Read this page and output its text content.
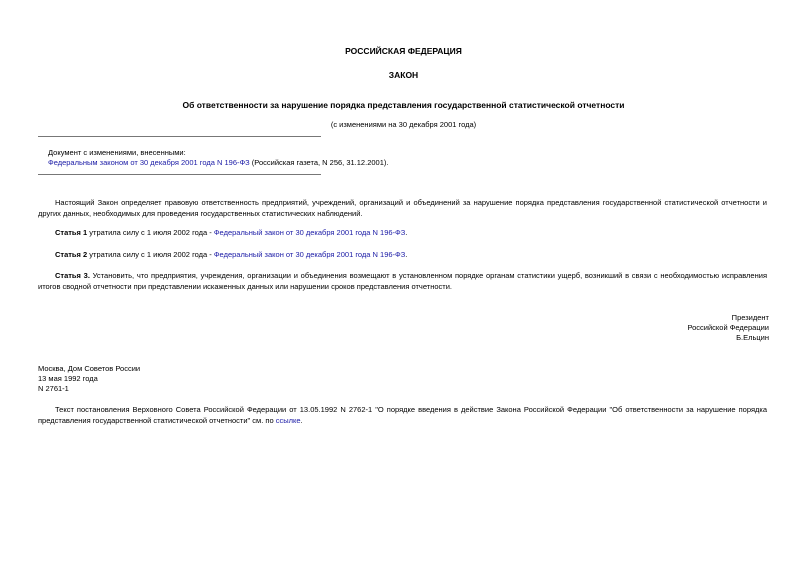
РОССИЙСКАЯ ФЕДЕРАЦИЯ
ЗАКОН
Об ответственности за нарушение порядка представления государственной статистической отчетности
(с изменениями на 30 декабря 2001 года)
Документ с изменениями, внесенными:
Федеральным законом от 30 декабря 2001 года N 196-ФЗ (Российская газета, N 256, 31.12.2001).
Настоящий Закон определяет правовую ответственность предприятий, учреждений, организаций и объединений за нарушение порядка представления государственной статистической отчетности и других данных, необходимых для проведения государственных статистических наблюдений.
Статья 1 утратила силу с 1 июля 2002 года - Федеральный закон от 30 декабря 2001 года N 196-ФЗ.
Статья 2 утратила силу с 1 июля 2002 года - Федеральный закон от 30 декабря 2001 года N 196-ФЗ.
Статья 3. Установить, что предприятия, учреждения, организации и объединения возмещают в установленном порядке органам статистики ущерб, возникший в связи с необходимостью исправления итогов сводной отчетности при представлении искаженных данных или нарушении сроков представления отчетности.
Президент
Российской Федерации
Б.Ельцин
Москва, Дом Советов России
13 мая 1992 года
N 2761-1
Текст постановления Верховного Совета Российской Федерации от 13.05.1992 N 2762-1 "О порядке введения в действие Закона Российской Федерации "Об ответственности за нарушение порядка представления государственной статистической отчетности" см. по ссылке.
